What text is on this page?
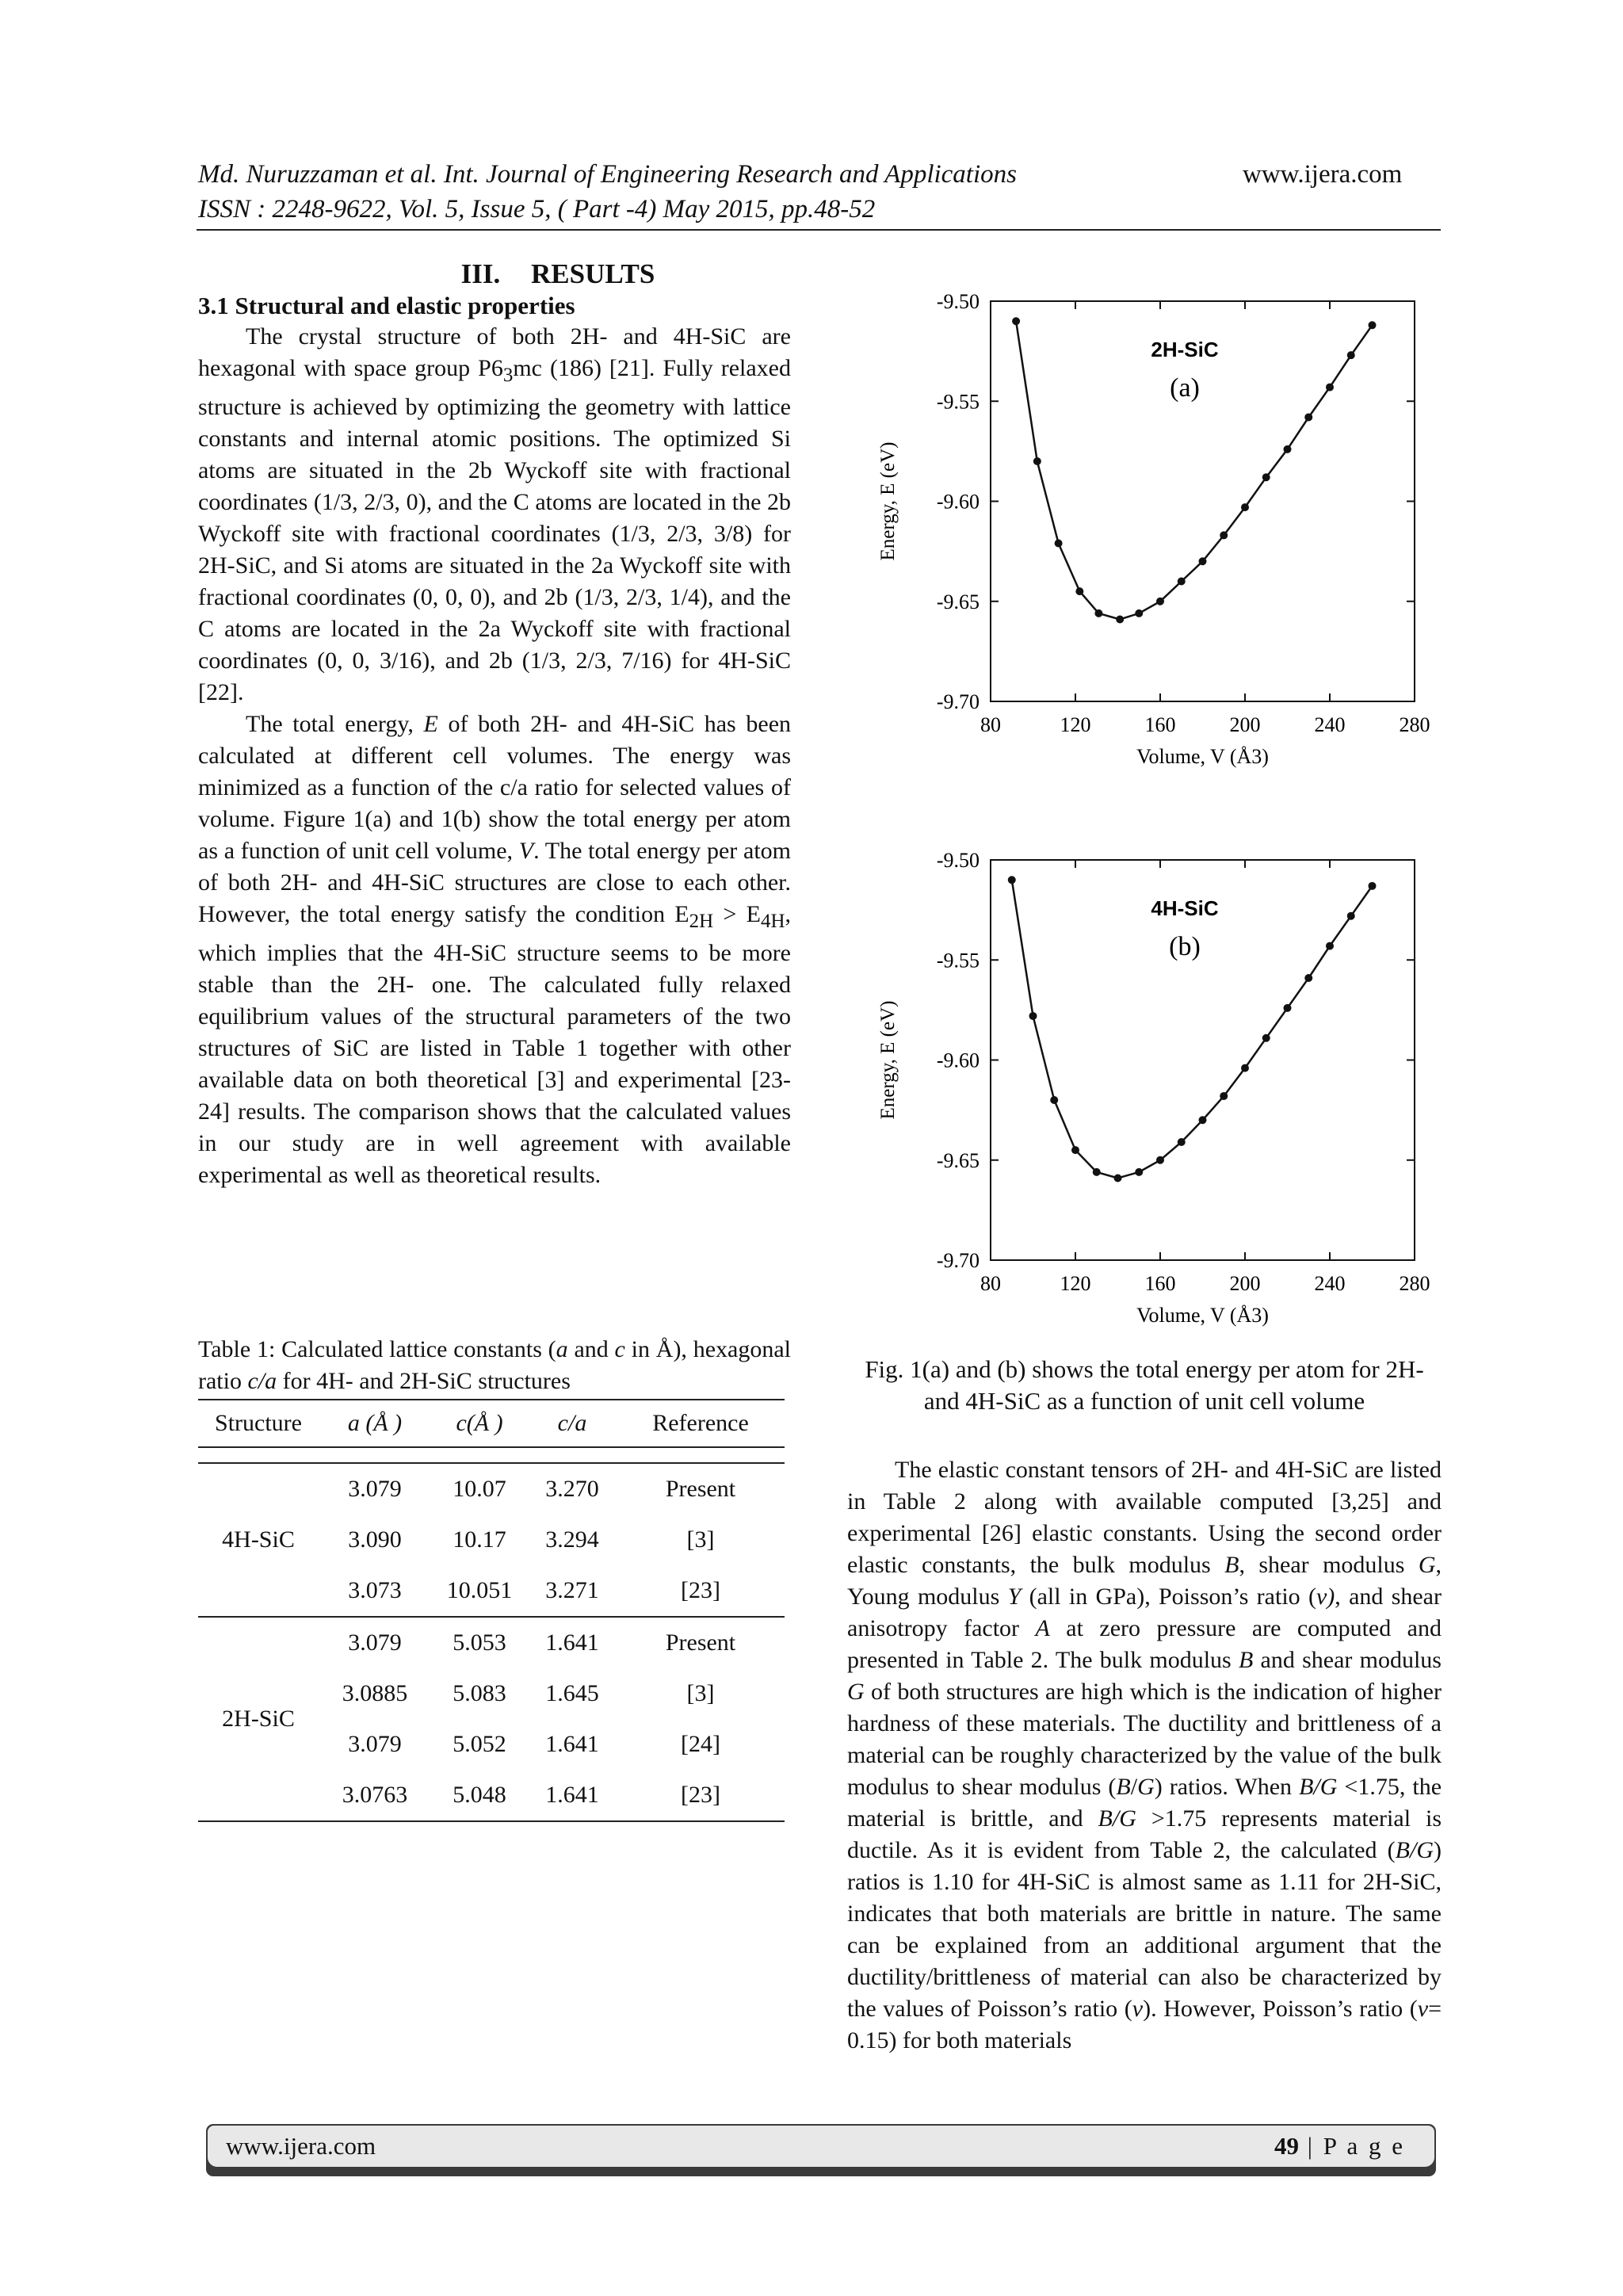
Md. Nuruzzaman et al. Int. Journal of Engineering Research and Applications
ISSN : 2248-9622, Vol. 5, Issue 5, ( Part -4) May 2015, pp.48-52
www.ijera.com
III. RESULTS
3.1 Structural and elastic properties

The crystal structure of both 2H- and 4H-SiC are hexagonal with space group $P6_3mc$ (186) [21]. Fully relaxed structure is achieved by optimizing the geometry with lattice constants and internal atomic positions. The optimized Si atoms are situated in the 2b Wyckoff site with fractional coordinates (1/3, 2/3, 0), and the C atoms are located in the 2b Wyckoff site with fractional coordinates (1/3, 2/3, 3/8) for 2H-SiC, and Si atoms are situated in the 2a Wyckoff site with fractional coordinates (0, 0, 0), and 2b (1/3, 2/3, 1/4), and the C atoms are located in the 2a Wyckoff site with fractional coordinates (0, 0, 3/16), and 2b (1/3, 2/3, 7/16) for 4H-SiC [22].

The total energy, E of both 2H- and 4H-SiC has been calculated at different cell volumes. The energy was minimized as a function of the c/a ratio for selected values of volume. Figure 1(a) and 1(b) show the total energy per atom as a function of unit cell volume, V. The total energy per atom of both 2H- and 4H-SiC structures are close to each other. However, the total energy satisfy the condition $E_{2H} > E_{4H}$, which implies that the 4H-SiC structure seems to be more stable than the 2H- one. The calculated fully relaxed equilibrium values of the structural parameters of the two structures of SiC are listed in Table 1 together with other available data on both theoretical [3] and experimental [23-24] results. The comparison shows that the calculated values in our study are in well agreement with available experimental as well as theoretical results.

Table 1: Calculated lattice constants (a and c in Å), hexagonal ratio c/a for 4H- and 2H-SiC structures
Structure	a (Å )	c(Å )	c/a	Reference

4H-SiC	3.079	10.07	3.270	Present
	3.090	10.17	3.294	[3]
	3.073	10.051	3.271	[23]
2H-SiC	3.079	5.053	1.641	Present
	3.0885	5.083	1.645	[3]
	3.079	5.052	1.641	[24]
	3.0763	5.048	1.641	[23]
80	120	160	200	240	280
-9.50
-9.55
-9.60
-9.65
-9.70
2H-SiC
(a)
Energy, E (eV)
Volume, V (Å3)
80	120	160	200	240	280
-9.50
-9.55
-9.60
-9.65
-9.70
4H-SiC
(b)
Energy, E (eV)
Volume, V (Å3)
Fig. 1(a) and (b) shows the total energy per atom for 2H- and 4H-SiC as a function of unit cell volume

The elastic constant tensors of 2H- and 4H-SiC are listed in Table 2 along with available computed [3,25] and experimental [26] elastic constants. Using the second order elastic constants, the bulk modulus B, shear modulus G, Young modulus Y (all in GPa), Poisson’s ratio (ν), and shear anisotropy factor A at zero pressure are computed and presented in Table 2. The bulk modulus B and shear modulus G of both structures are high which is the indication of higher hardness of these materials. The ductility and brittleness of a material can be roughly characterized by the value of the bulk modulus to shear modulus (B/G) ratios. When B/G <1.75, the material is brittle, and B/G >1.75 represents material is ductile. As it is evident from Table 2, the calculated (B/G) ratios is 1.10 for 4H-SiC is almost same as 1.11 for 2H-SiC, indicates that both materials are brittle in nature. The same can be explained from an additional argument that the ductility/brittleness of material can also be characterized by the values of Poisson’s ratio (v). However, Poisson’s ratio (v= 0.15) for both materials

www.ijera.com	49 | P a g e
